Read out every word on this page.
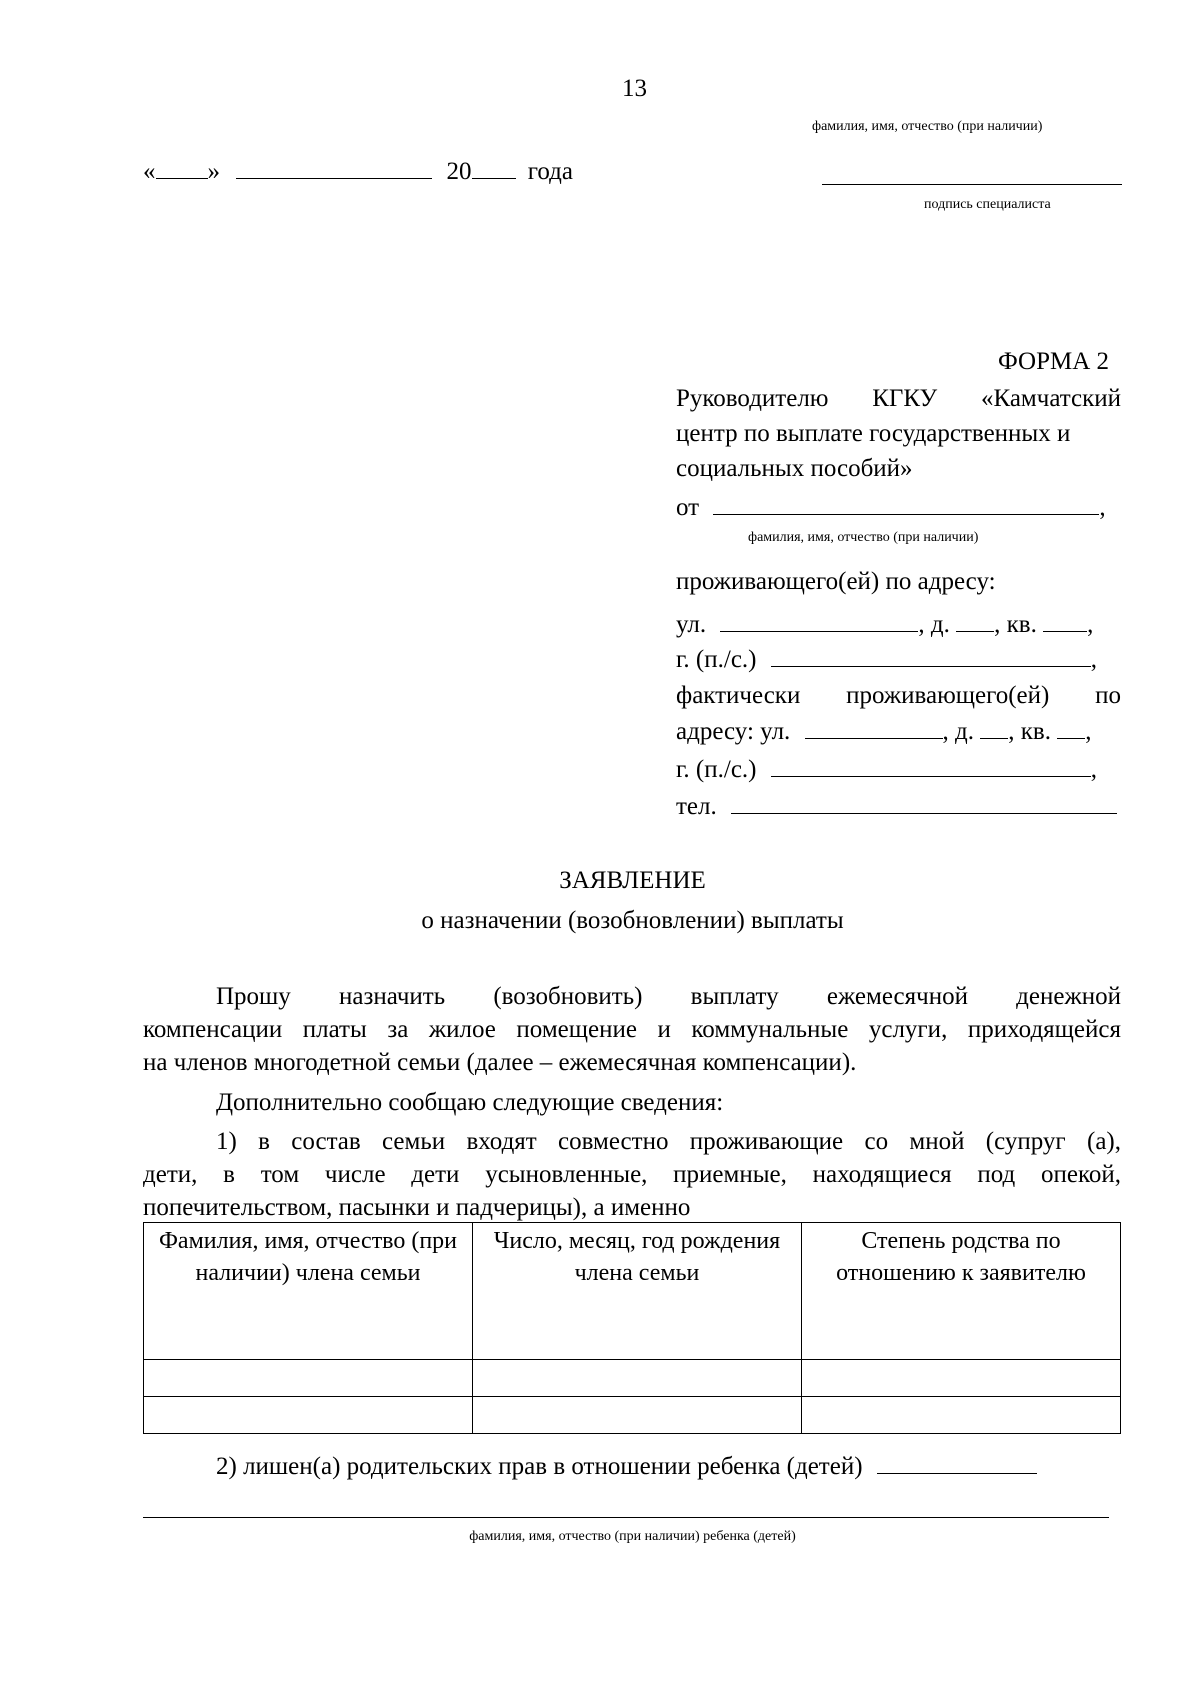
13
фамилия, имя, отчество (при наличии)
« »	20 года
подпись специалиста
ФОРМА 2
Руководителю КГКУ «Камчатский
центр по выплате государственных и
социальных пособий»
от	,
фамилия, имя, отчество (при наличии)
проживающего(ей) по адресу:
ул.	, д. , кв. ,
г. (п./с.)	,
фактически проживающего(ей) по
адресу: ул.	, д. , кв. ,
г. (п./с.)	,
тел.
ЗАЯВЛЕНИЕ
о назначении (возобновлении) выплаты
Прошу назначить (возобновить) выплату ежемесячной денежной
компенсации платы за жилое помещение и коммунальные услуги, приходящейся
на членов многодетной семьи (далее – ежемесячная компенсации).
Дополнительно сообщаю следующие сведения:
1) в состав семьи входят совместно проживающие со мной (супруг (а),
дети, в том числе дети усыновленные, приемные, находящиеся под опекой,
попечительством, пасынки и падчерицы), а именно
Фамилия, имя, отчество (при наличии) члена семьи	Число, месяц, год рождения члена семьи	Степень родства по отношению к заявителю

2) лишен(а) родительских прав в отношении ребенка (детей)
фамилия, имя, отчество (при наличии) ребенка (детей)
